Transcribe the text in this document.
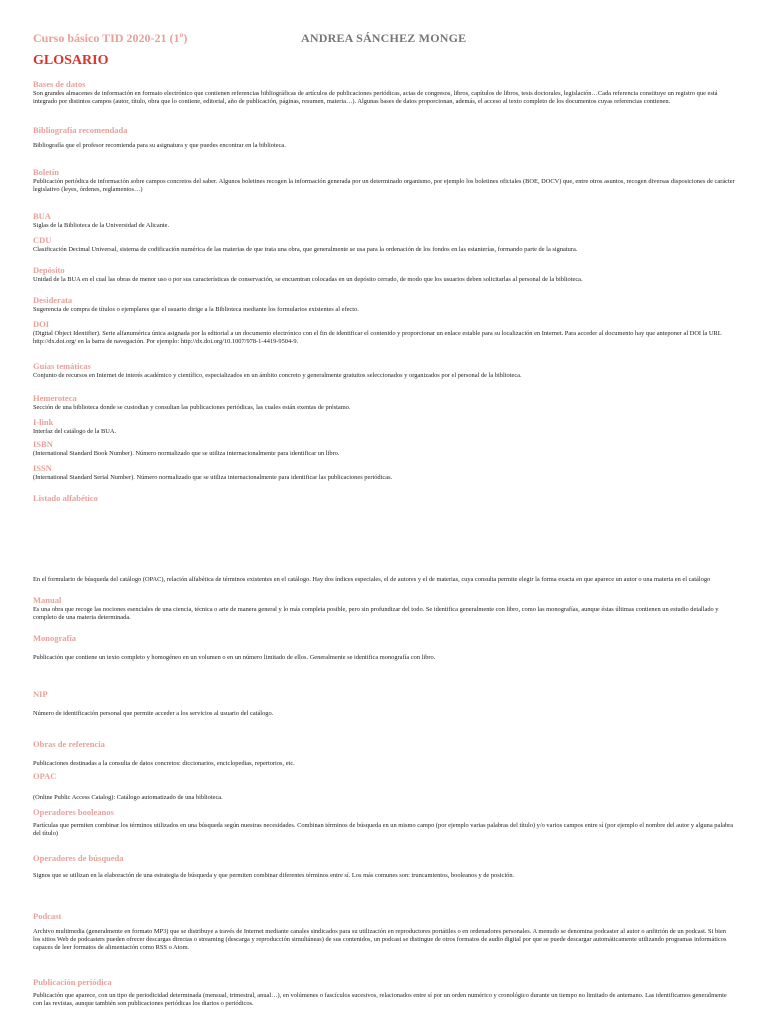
Curso básico TID 2020-21 (1º)	ANDREA SÁNCHEZ MONGE
GLOSARIO
Bases de datos
Son grandes almacenes de información en formato electrónico que contienen referencias bibliográficas de artículos de publicaciones periódicas, actas de congresos, libros, capítulos de libros, tesis doctorales, legislación…Cada referencia constituye un registro que está integrado por distintos campos (autor, título, obra que lo contiene, editorial, año de publicación, páginas, resumen, materia…). Algunas bases de datos proporcionan, además, el acceso al texto completo de los documentos cuyas referencias contienen.
Bibliografía recomendada
Bibliografía que el profesor recomienda para su asignatura y que puedes encontrar en la biblioteca.
Boletín
Publicación periódica de información sobre campos concretos del saber. Algunos boletines recogen la información generada por un determinado organismo, por ejemplo los boletines oficiales (BOE, DOCV) que, entre otros asuntos, recogen diversas disposiciones de carácter legislativo (leyes, órdenes, reglamentos…)
BUA
Siglas de la Biblioteca de la Universidad de Alicante.
CDU
Clasificación Decimal Universal, sistema de codificación numérica de las materias de que trata una obra, que generalmente se usa para la ordenación de los fondos en las estanterías, formando parte de la signatura.
Depósito
Unidad de la BUA en el cual las obras de menor uso o por sus características de conservación, se encuentran colocadas en un depósito cerrado, de modo que los usuarios deben solicitarlas al personal de la biblioteca.
Desiderata
Sugerencia de compra de títulos o ejemplares que el usuario dirige a la Biblioteca mediante los formularios existentes al efecto.
DOI
(Digital Object Identifier). Serie alfanumérica única asignada por la editorial a un documento electrónico con el fin de identificar el contenido y proporcionar un enlace estable para su localización en Internet. Para acceder al documento hay que anteponer al DOI la URL http://dx.doi.org/ en la barra de navegación. Por ejemplo: http://dx.doi.org/10.1007/978-1-4419-9504-9.
Guías temáticas
Conjunto de recursos en Internet de interés académico y científico, especializados en un ámbito concreto y generalmente gratuitos seleccionados y organizados por el personal de la biblioteca.
Hemeroteca
Sección de una biblioteca donde se custodian y consultan las publicaciones periódicas, las cuales están exentas de préstamo.
I-link
Interfaz del catálogo de la BUA.
ISBN
(International Standard Book Number). Número normalizado que se utiliza internacionalmente para identificar un libro.
ISSN
(International Standard Serial Number). Número normalizado que se utiliza internacionalmente para identificar las publicaciones periódicas.
Listado alfabético
En el formulario de búsqueda del catálogo (OPAC), relación alfabética de términos existentes en el catálogo. Hay dos índices especiales, el de autores y el de materias, cuya consulta permite elegir la forma exacta en que aparece un autor o una materia en el catálogo
Manual
Es una obra que recoge las nociones esenciales de una ciencia, técnica o arte de manera general y lo más completa posible, pero sin profundizar del todo. Se identifica generalmente con libro, como las monografías, aunque éstas últimas contienen un estudio detallado y completo de una materia determinada.
Monografía
Publicación que contiene un texto completo y homogéneo en un volumen o en un número limitado de ellos. Generalmente se identifica monografía con libro.
NIP
Número de identificación personal que permite acceder a los servicios al usuario del catálogo.
Obras de referencia
Publicaciones destinadas a la consulta de datos concretos: diccionarios, enciclopedias, repertorios, etc.
OPAC
(Online Public Access Catalog): Catálogo automatizado de una biblioteca.
Operadores booleanos
Partículas que permiten combinar los términos utilizados en una búsqueda según nuestras necesidades. Combinan términos de búsqueda en un mismo campo (por ejemplo varias palabras del título) y/o varios campos entre sí (por ejemplo el nombre del autor y alguna palabra del título)
Operadores de búsqueda
Signos que se utilizan en la elaboración de una estrategia de búsqueda y que permiten combinar diferentes términos entre sí. Los más comunes son: truncamientos, booleanos y de posición.
Podcast
Archivo multimedia (generalmente en formato MP3) que se distribuye a través de Internet mediante canales sindicados para su utilización en reproductores portátiles o en ordenadores personales. A menudo se denomina podcaster al autor o anfitrión de un podcast. Si bien los sitios Web de podcasters pueden ofrecer descargas directas o streaming (descarga y reproducción simultáneas) de sus contenidos, un podcast se distingue de otros formatos de audio digital por que se puede descargar automáticamente utilizando programas informáticos capaces de leer formatos de alimentación como RSS o Atom.
Publicación periódica
Publicación que aparece, con un tipo de periodicidad determinada (mensual, trimestral, anual…), en volúmenes o fascículos sucesivos, relacionados entre sí por un orden numérico y cronológico durante un tiempo no limitado de antemano. Las identificamos generalmente con las revistas, aunque también son publicaciones periódicas los diarios o periódicos.
